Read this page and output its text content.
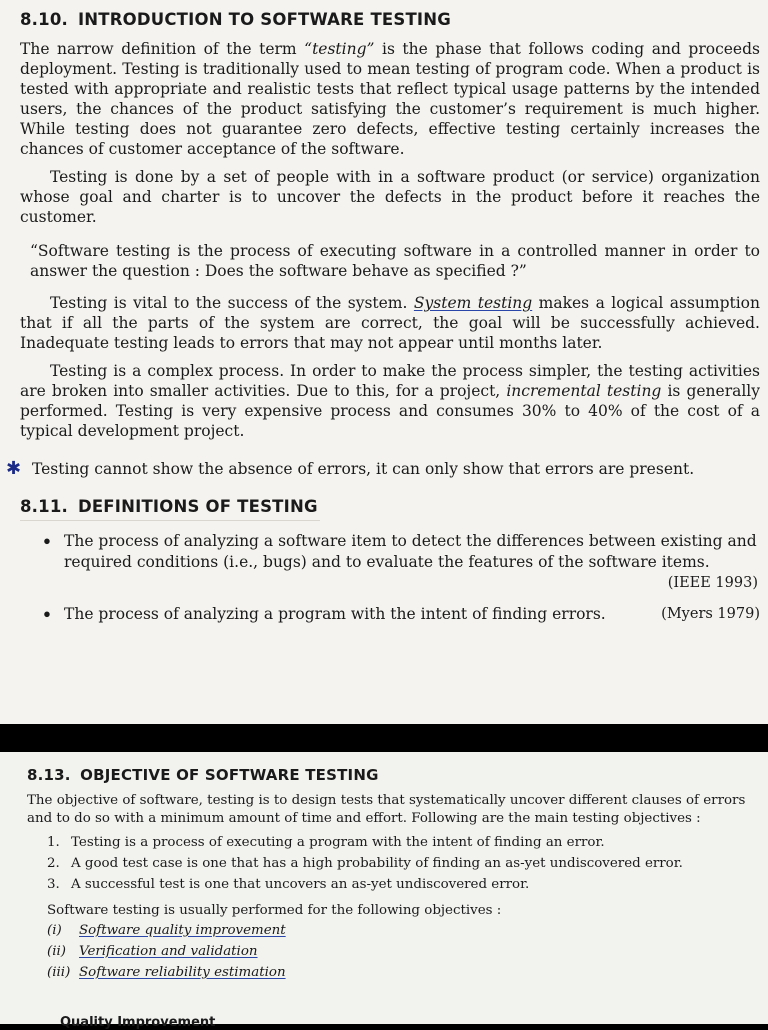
8.10. INTRODUCTION TO SOFTWARE TESTING

The narrow definition of the term “testing” is the phase that follows coding and proceeds deployment. Testing is traditionally used to mean testing of program code. When a product is tested with appropriate and realistic tests that reflect typical usage patterns by the intended users, the chances of the product satisfying the customer’s requirement is much higher. While testing does not guarantee zero defects, effective testing certainly increases the chances of customer acceptance of the software.

Testing is done by a set of people with in a software product (or service) organization whose goal and charter is to uncover the defects in the product before it reaches the customer.

“Software testing is the process of executing software in a controlled manner in order to answer the question : Does the software behave as specified ?”

Testing is vital to the success of the system. System testing makes a logical assumption that if all the parts of the system are correct, the goal will be successfully achieved. Inadequate testing leads to errors that may not appear until months later.

Testing is a complex process. In order to make the process simpler, the testing activities are broken into smaller activities. Due to this, for a project, incremental testing is generally performed. Testing is very expensive process and consumes 30% to 40% of the cost of a typical development project.

✱ Testing cannot show the absence of errors, it can only show that errors are present.
8.11. DEFINITIONS OF TESTING
• The process of analyzing a software item to detect the differences between existing and required conditions (i.e., bugs) and to evaluate the features of the software items.
(IEEE 1993)
• (Myers 1979)
The process of analyzing a program with the intent of finding errors.
8.13. OBJECTIVE OF SOFTWARE TESTING

The objective of software, testing is to design tests that systematically uncover different clauses of errors and to do so with a minimum amount of time and effort. Following are the main testing objectives :

1. Testing is a process of executing a program with the intent of finding an error.
2. A good test case is one that has a high probability of finding an as-yet undiscovered error.
3. A successful test is one that uncovers an as-yet undiscovered error.

Software testing is usually performed for the following objectives :

(i) Software quality improvement
(ii) Verification and validation
(iii) Software reliability estimation
Quality Improvement
